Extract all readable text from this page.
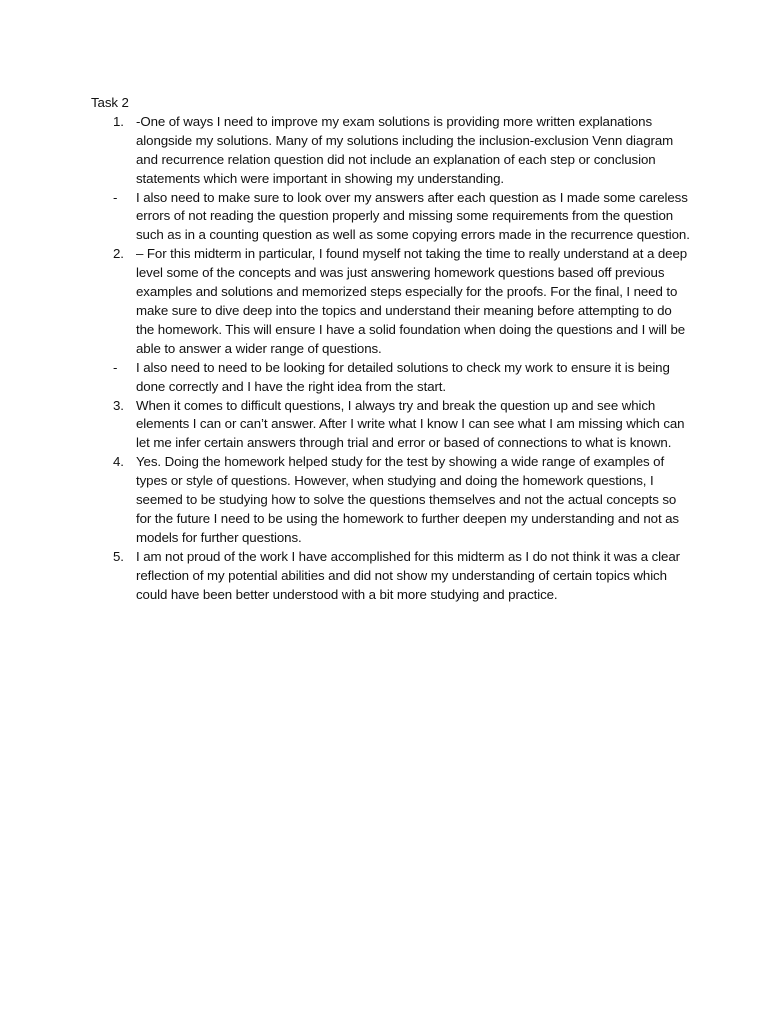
Task 2
1. -One of ways I need to improve my exam solutions is providing more written explanations alongside my solutions. Many of my solutions including the inclusion-exclusion Venn diagram and recurrence relation question did not include an explanation of each step or conclusion statements which were important in showing my understanding.

- I also need to make sure to look over my answers after each question as I made some careless errors of not reading the question properly and missing some requirements from the question such as in a counting question as well as some copying errors made in the recurrence question.

2. – For this midterm in particular, I found myself not taking the time to really understand at a deep level some of the concepts and was just answering homework questions based off previous examples and solutions and memorized steps especially for the proofs. For the final, I need to make sure to dive deep into the topics and understand their meaning before attempting to do the homework. This will ensure I have a solid foundation when doing the questions and I will be able to answer a wider range of questions.

- I also need to need to be looking for detailed solutions to check my work to ensure it is being done correctly and I have the right idea from the start.

3. When it comes to difficult questions, I always try and break the question up and see which elements I can or can’t answer. After I write what I know I can see what I am missing which can let me infer certain answers through trial and error or based of connections to what is known.

4. Yes. Doing the homework helped study for the test by showing a wide range of examples of types or style of questions. However, when studying and doing the homework questions, I seemed to be studying how to solve the questions themselves and not the actual concepts so for the future I need to be using the homework to further deepen my understanding and not as models for further questions.

5. I am not proud of the work I have accomplished for this midterm as I do not think it was a clear reflection of my potential abilities and did not show my understanding of certain topics which could have been better understood with a bit more studying and practice.
